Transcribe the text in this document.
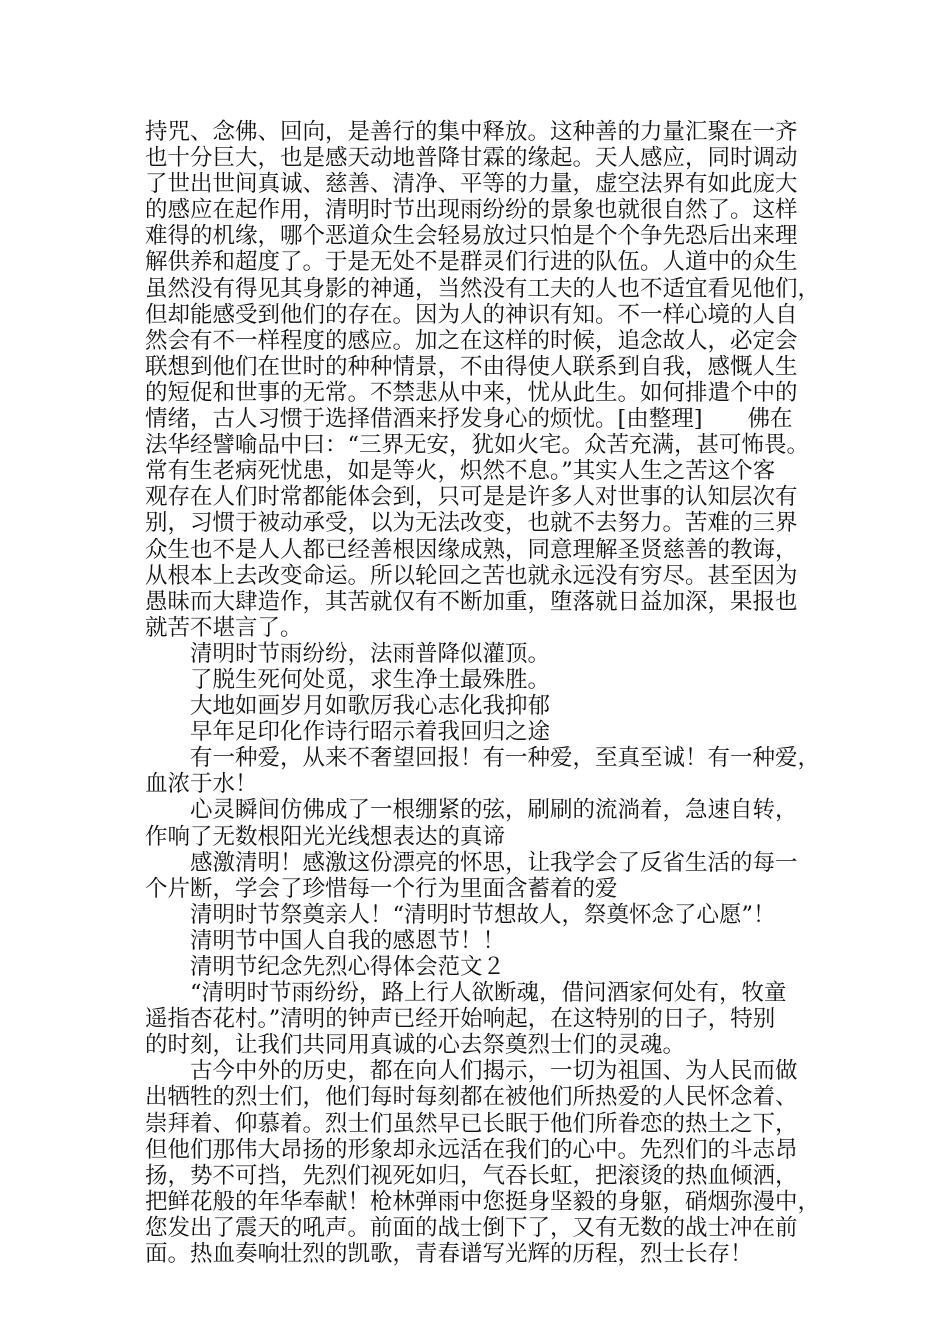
持咒、念佛、回向，是善行的集中释放。这种善的力量汇聚在一齐
也十分巨大，也是感天动地普降甘霖的缘起。天人感应，同时调动
了世出世间真诚、慈善、清净、平等的力量，虚空法界有如此庞大
的感应在起作用，清明时节出现雨纷纷的景象也就很自然了。这样
难得的机缘，哪个恶道众生会轻易放过只怕是个个争先恐后出来理
解供养和超度了。于是无处不是群灵们行进的队伍。人道中的众生
虽然没有得见其身影的神通，当然没有工夫的人也不适宜看见他们，
但却能感受到他们的存在。因为人的神识有知。不一样心境的人自
然会有不一样程度的感应。加之在这样的时候，追念故人，必定会
联想到他们在世时的种种情景，不由得使人联系到自我，感慨人生
的短促和世事的无常。不禁悲从中来，忧从此生。如何排遣个中的
情绪，古人习惯于选择借酒来抒发身心的烦忧。[由整理]　　佛在
法华经譬喻品中曰：“三界无安，犹如火宅。众苦充满，甚可怖畏。
常有生老病死忧患，如是等火，炽然不息。”其实人生之苦这个客
观存在人们时常都能体会到，只可是是许多人对世事的认知层次有
别，习惯于被动承受，以为无法改变，也就不去努力。苦难的三界
众生也不是人人都已经善根因缘成熟，同意理解圣贤慈善的教诲，
从根本上去改变命运。所以轮回之苦也就永远没有穷尽。甚至因为
愚昧而大肆造作，其苦就仅有不断加重，堕落就日益加深，果报也
就苦不堪言了。
　　清明时节雨纷纷，法雨普降似灌顶。
　　了脱生死何处觅，求生净土最殊胜。
　　大地如画岁月如歌厉我心志化我抑郁
　　早年足印化作诗行昭示着我回归之途
　　有一种爱，从来不奢望回报！有一种爱，至真至诚！有一种爱，
血浓于水！
　　心灵瞬间仿佛成了一根绷紧的弦，刷刷的流淌着，急速自转，
作响了无数根阳光光线想表达的真谛
　　感激清明！感激这份漂亮的怀思，让我学会了反省生活的每一
个片断，学会了珍惜每一个行为里面含蓄着的爱
　　清明时节祭奠亲人！“清明时节想故人，祭奠怀念了心愿”！
　　清明节中国人自我的感恩节！！
　　清明节纪念先烈心得体会范文２
　　“清明时节雨纷纷，路上行人欲断魂，借问酒家何处有，牧童
遥指杏花村。”清明的钟声已经开始响起，在这特别的日子，特别
的时刻，让我们共同用真诚的心去祭奠烈士们的灵魂。
　　古今中外的历史，都在向人们揭示，一切为祖国、为人民而做
出牺牲的烈士们，他们每时每刻都在被他们所热爱的人民怀念着、
崇拜着、仰慕着。烈士们虽然早已长眠于他们所眷恋的热土之下，
但他们那伟大昂扬的形象却永远活在我们的心中。先烈们的斗志昂
扬，势不可挡，先烈们视死如归，气吞长虹，把滚烫的热血倾洒，
把鲜花般的年华奉献！枪林弹雨中您挺身坚毅的身躯，硝烟弥漫中，
您发出了震天的吼声。前面的战士倒下了，又有无数的战士冲在前
面。热血奏响壮烈的凯歌，青春谱写光辉的历程，烈士长存！
